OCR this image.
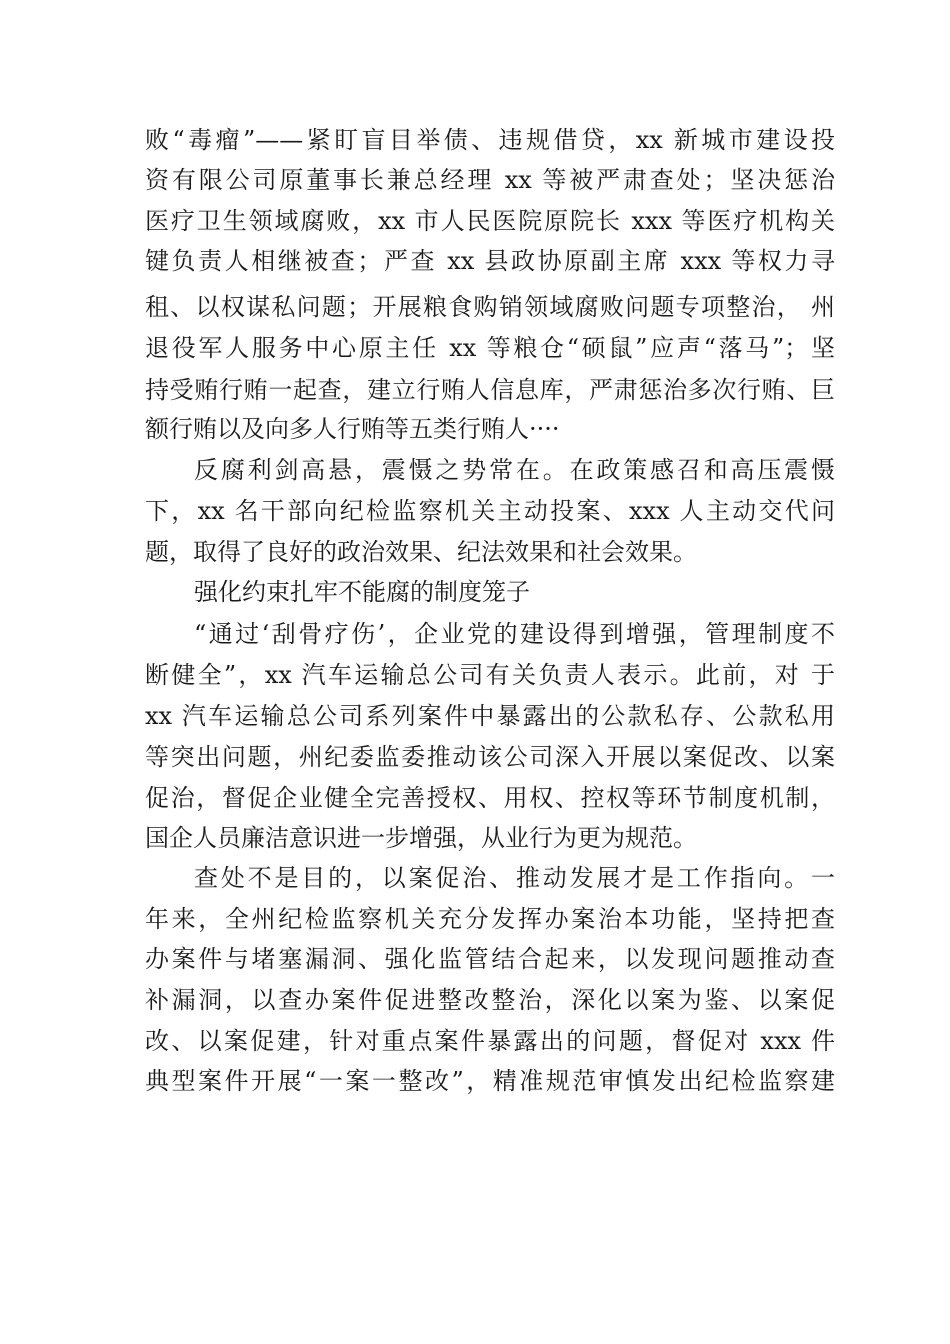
败“毒瘤”——紧盯盲目举债、违规借贷，xx 新城市建设投
资有限公司原董事长兼总经理 xx 等被严肃查处；坚决惩治
医疗卫生领域腐败，xx 市人民医院原院长 xxx 等医疗机构关
键负责人相继被查；严查 xx 县政协原副主席 xxx 等权力寻
租、以权谋私问题；开展粮食购销领域腐败问题专项整治， 州
退役军人服务中心原主任 xx 等粮仓“硕鼠”应声“落马”；坚
持受贿行贿一起查，建立行贿人信息库，严肃惩治多次行贿、巨
额行贿以及向多人行贿等五类行贿人····
反腐利剑高悬，震慑之势常在。在政策感召和高压震慑
下，xx 名干部向纪检监察机关主动投案、xxx 人主动交代问
题，取得了良好的政治效果、纪法效果和社会效果。
强化约束扎牢不能腐的制度笼子
“通过‘刮骨疗伤’，企业党的建设得到增强，管理制度不
断健全”，xx 汽车运输总公司有关负责人表示。此前，对 于
xx 汽车运输总公司系列案件中暴露出的公款私存、公款私用
等突出问题，州纪委监委推动该公司深入开展以案促改、以案
促治，督促企业健全完善授权、用权、控权等环节制度机制，
国企人员廉洁意识进一步增强，从业行为更为规范。
查处不是目的，以案促治、推动发展才是工作指向。一
年来，全州纪检监察机关充分发挥办案治本功能，坚持把查
办案件与堵塞漏洞、强化监管结合起来，以发现问题推动查
补漏洞，以查办案件促进整改整治，深化以案为鉴、以案促
改、以案促建，针对重点案件暴露出的问题，督促对 xxx 件
典型案件开展“一案一整改”，精准规范审慎发出纪检监察建
